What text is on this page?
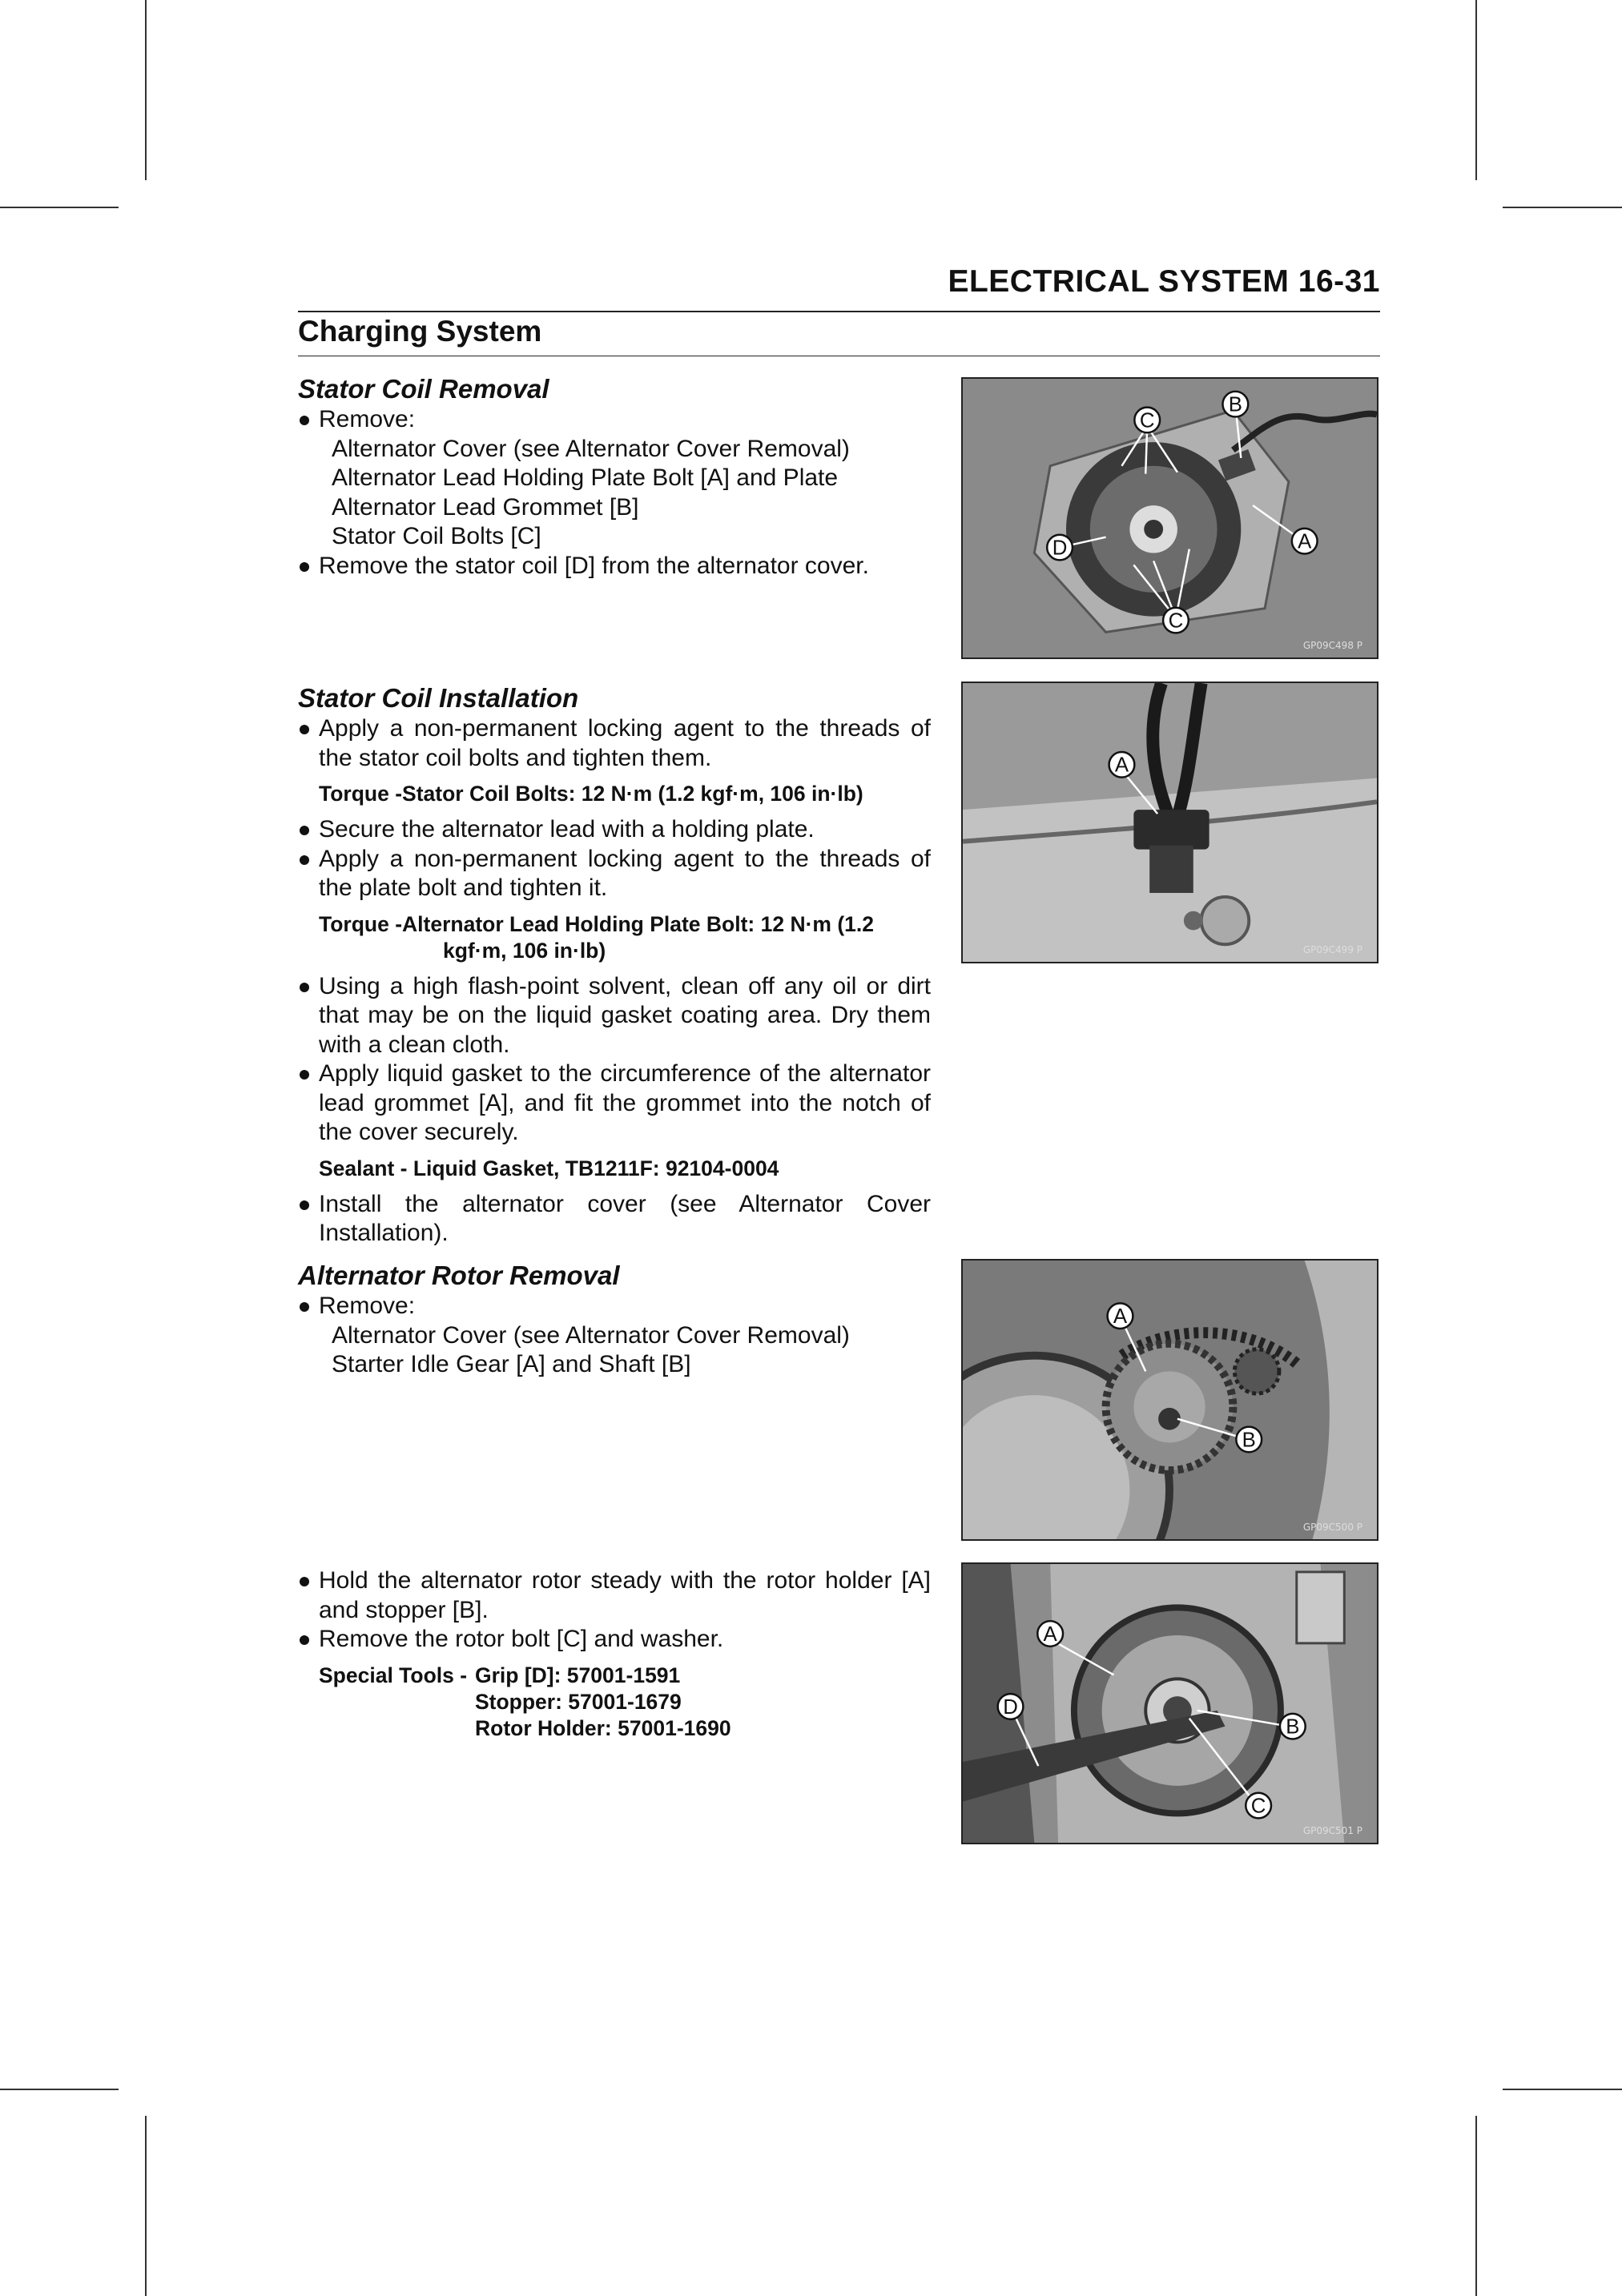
ELECTRICAL SYSTEM 16-31
Charging System
Stator Coil Removal
Remove:
Alternator Cover (see Alternator Cover Removal)
Alternator Lead Holding Plate Bolt [A] and Plate
Alternator Lead Grommet [B]
Stator Coil Bolts [C]
Remove the stator coil [D] from the alternator cover.
Stator Coil Installation
Apply a non-permanent locking agent to the threads of the stator coil bolts and tighten them.
Torque - Stator Coil Bolts: 12 N·m (1.2 kgf·m, 106 in·lb)
Secure the alternator lead with a holding plate.
Apply a non-permanent locking agent to the threads of the plate bolt and tighten it.
Torque - Alternator Lead Holding Plate Bolt: 12 N·m (1.2
kgf·m, 106 in·lb)
Using a high flash-point solvent, clean off any oil or dirt that may be on the liquid gasket coating area. Dry them with a clean cloth.
Apply liquid gasket to the circumference of the alternator lead grommet [A], and fit the grommet into the notch of the cover securely.
Sealant - Liquid Gasket, TB1211F: 92104-0004
Install the alternator cover (see Alternator Cover Installation).
Alternator Rotor Removal
Remove:
Alternator Cover (see Alternator Cover Removal)
Starter Idle Gear [A] and Shaft [B]
Hold the alternator rotor steady with the rotor holder [A] and stopper [B].
Remove the rotor bolt [C] and washer.
Special Tools - Grip [D]: 57001-1591
Stopper: 57001-1679
Rotor Holder: 57001-1690
C
B
A
D
C
GP09C498 P
A
GP09C499 P
A
B
GP09C500 P
A
D
B
C
GP09C501 P
